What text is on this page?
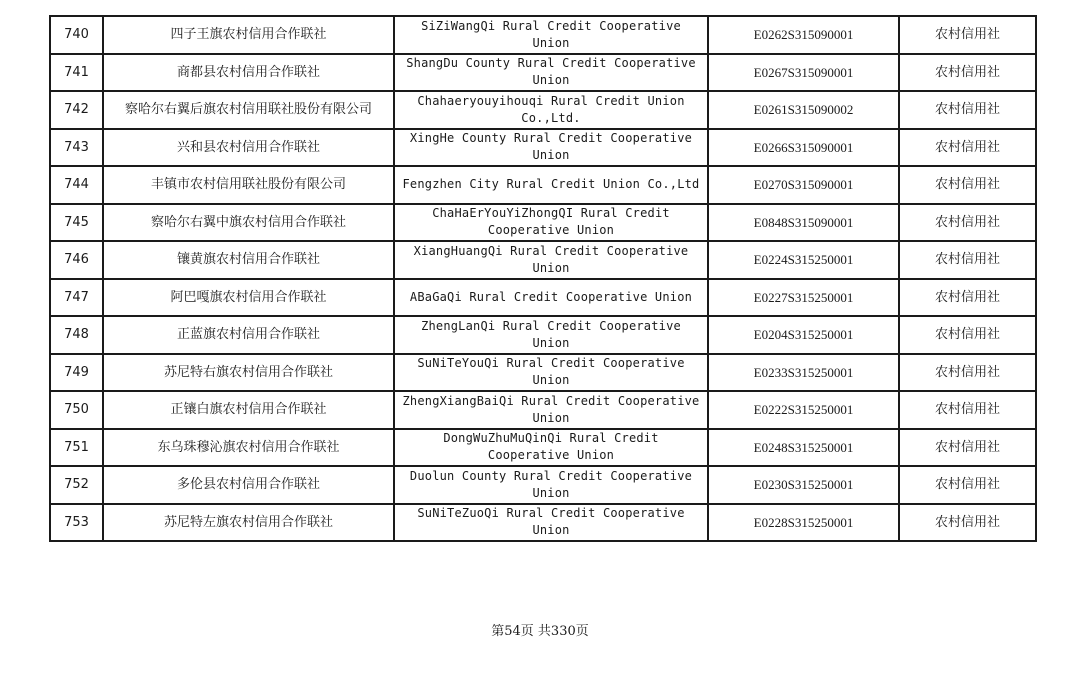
740	四子王旗农村信用合作联社	SiZiWangQi Rural Credit Cooperative Union	E0262S315090001	农村信用社
741	商都县农村信用合作联社	ShangDu County Rural Credit Cooperative Union	E0267S315090001	农村信用社
742	察哈尔右翼后旗农村信用联社股份有限公司	Chahaeryouyihouqi Rural Credit Union Co.,Ltd.	E0261S315090002	农村信用社
743	兴和县农村信用合作联社	XingHe County Rural Credit Cooperative Union	E0266S315090001	农村信用社
744	丰镇市农村信用联社股份有限公司	Fengzhen City Rural Credit Union Co.,Ltd	E0270S315090001	农村信用社
745	察哈尔右翼中旗农村信用合作联社	ChaHaErYouYiZhongQI Rural Credit Cooperative Union	E0848S315090001	农村信用社
746	镶黄旗农村信用合作联社	XiangHuangQi Rural Credit Cooperative Union	E0224S315250001	农村信用社
747	阿巴嘎旗农村信用合作联社	ABaGaQi Rural Credit Cooperative Union	E0227S315250001	农村信用社
748	正蓝旗农村信用合作联社	ZhengLanQi Rural Credit Cooperative Union	E0204S315250001	农村信用社
749	苏尼特右旗农村信用合作联社	SuNiTeYouQi Rural Credit Cooperative Union	E0233S315250001	农村信用社
750	正镶白旗农村信用合作联社	ZhengXiangBaiQi Rural Credit Cooperative Union	E0222S315250001	农村信用社
751	东乌珠穆沁旗农村信用合作联社	DongWuZhuMuQinQi Rural Credit Cooperative Union	E0248S315250001	农村信用社
752	多伦县农村信用合作联社	Duolun County Rural Credit Cooperative Union	E0230S315250001	农村信用社
753	苏尼特左旗农村信用合作联社	SuNiTeZuoQi Rural Credit Cooperative Union	E0228S315250001	农村信用社
第54页 共330页
